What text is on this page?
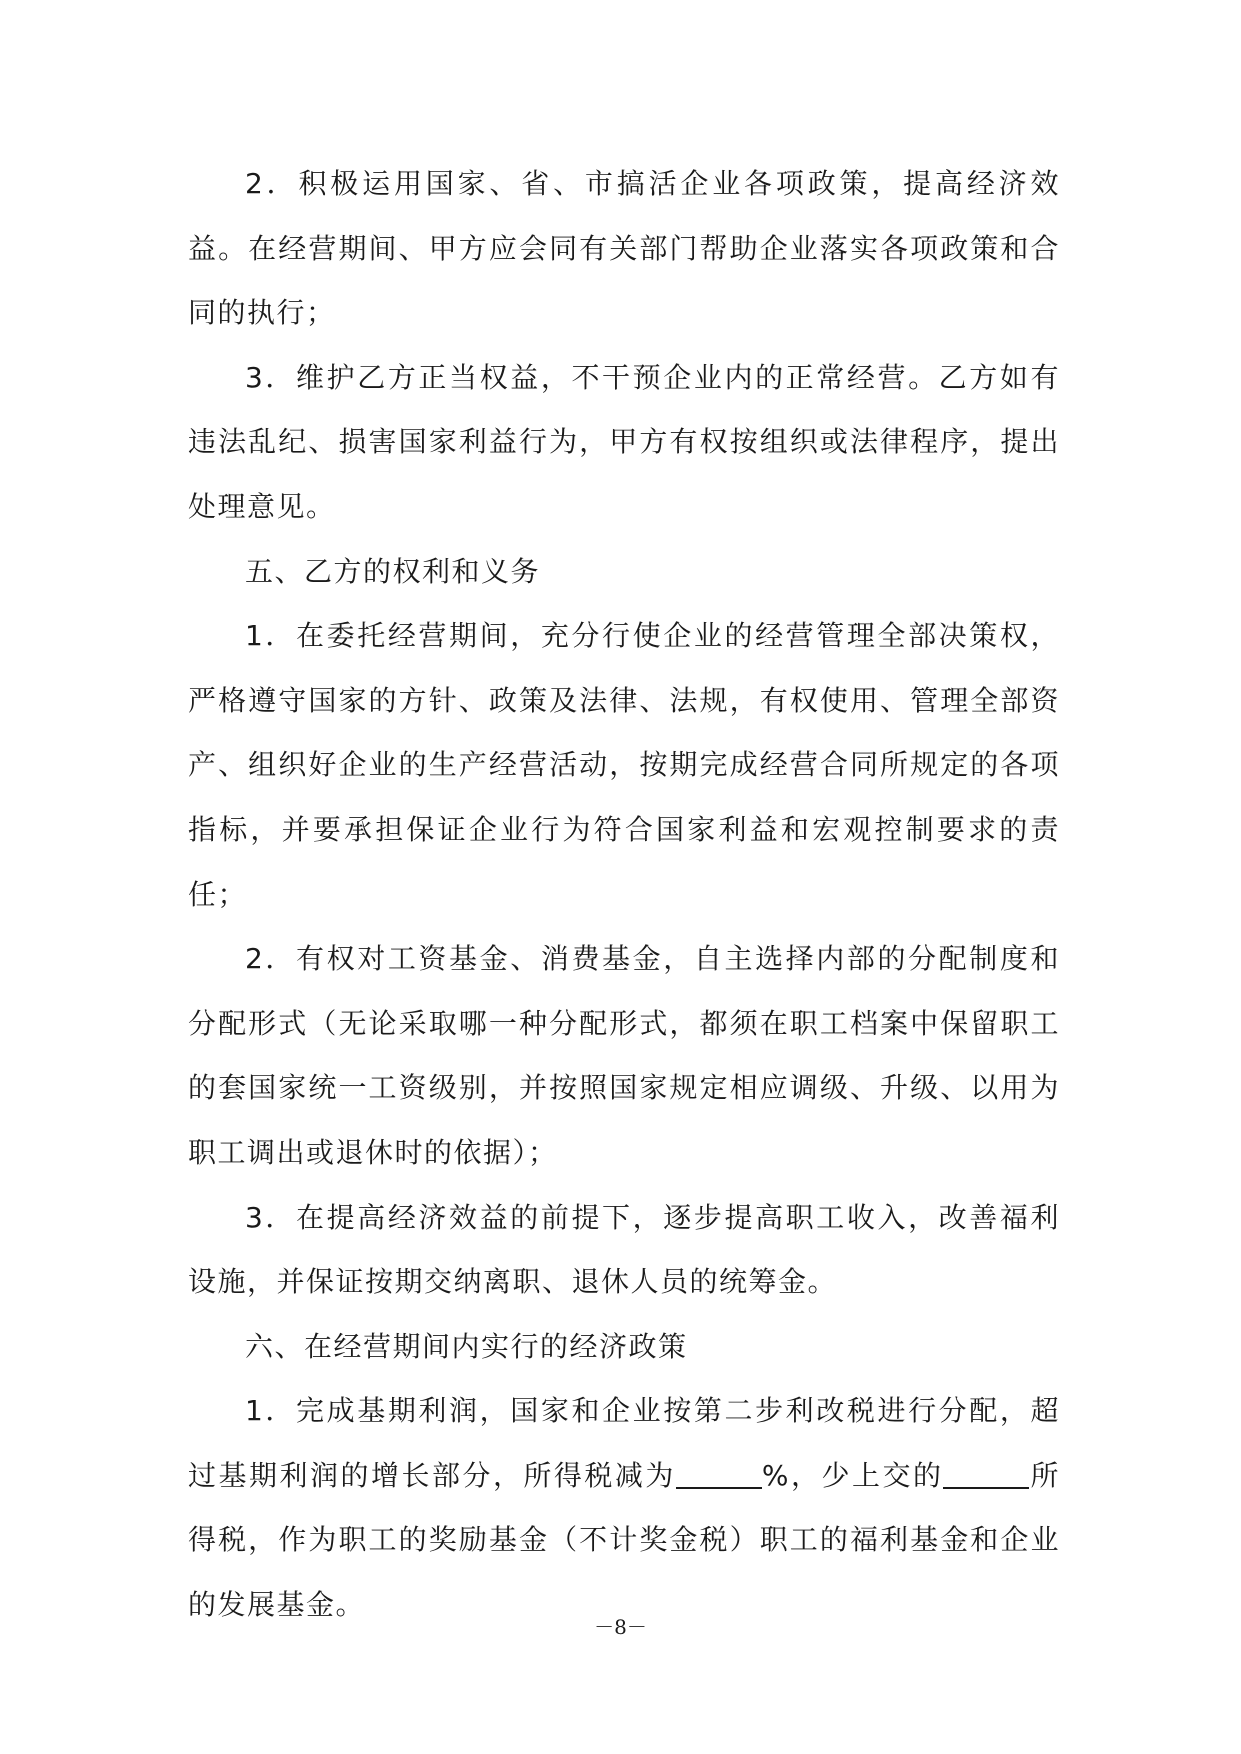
2．积极运用国家、省、市搞活企业各项政策，提高经济效益。在经营期间、甲方应会同有关部门帮助企业落实各项政策和合同的执行；

3．维护乙方正当权益，不干预企业内的正常经营。乙方如有违法乱纪、损害国家利益行为，甲方有权按组织或法律程序，提出处理意见。

五、乙方的权利和义务

1．在委托经营期间，充分行使企业的经营管理全部决策权，严格遵守国家的方针、政策及法律、法规，有权使用、管理全部资产、组织好企业的生产经营活动，按期完成经营合同所规定的各项指标，并要承担保证企业行为符合国家利益和宏观控制要求的责任；

2．有权对工资基金、消费基金，自主选择内部的分配制度和分配形式（无论采取哪一种分配形式，都须在职工档案中保留职工的套国家统一工资级别，并按照国家规定相应调级、升级、以用为职工调出或退休时的依据）；

3．在提高经济效益的前提下，逐步提高职工收入，改善福利设施，并保证按期交纳离职、退休人员的统筹金。

六、在经营期间内实行的经济政策

1．完成基期利润，国家和企业按第二步利改税进行分配，超过基期利润的增长部分，所得税减为	%，少上交的	所得税，作为职工的奖励基金（不计奖金税）职工的福利基金和企业的发展基金。

－8－
